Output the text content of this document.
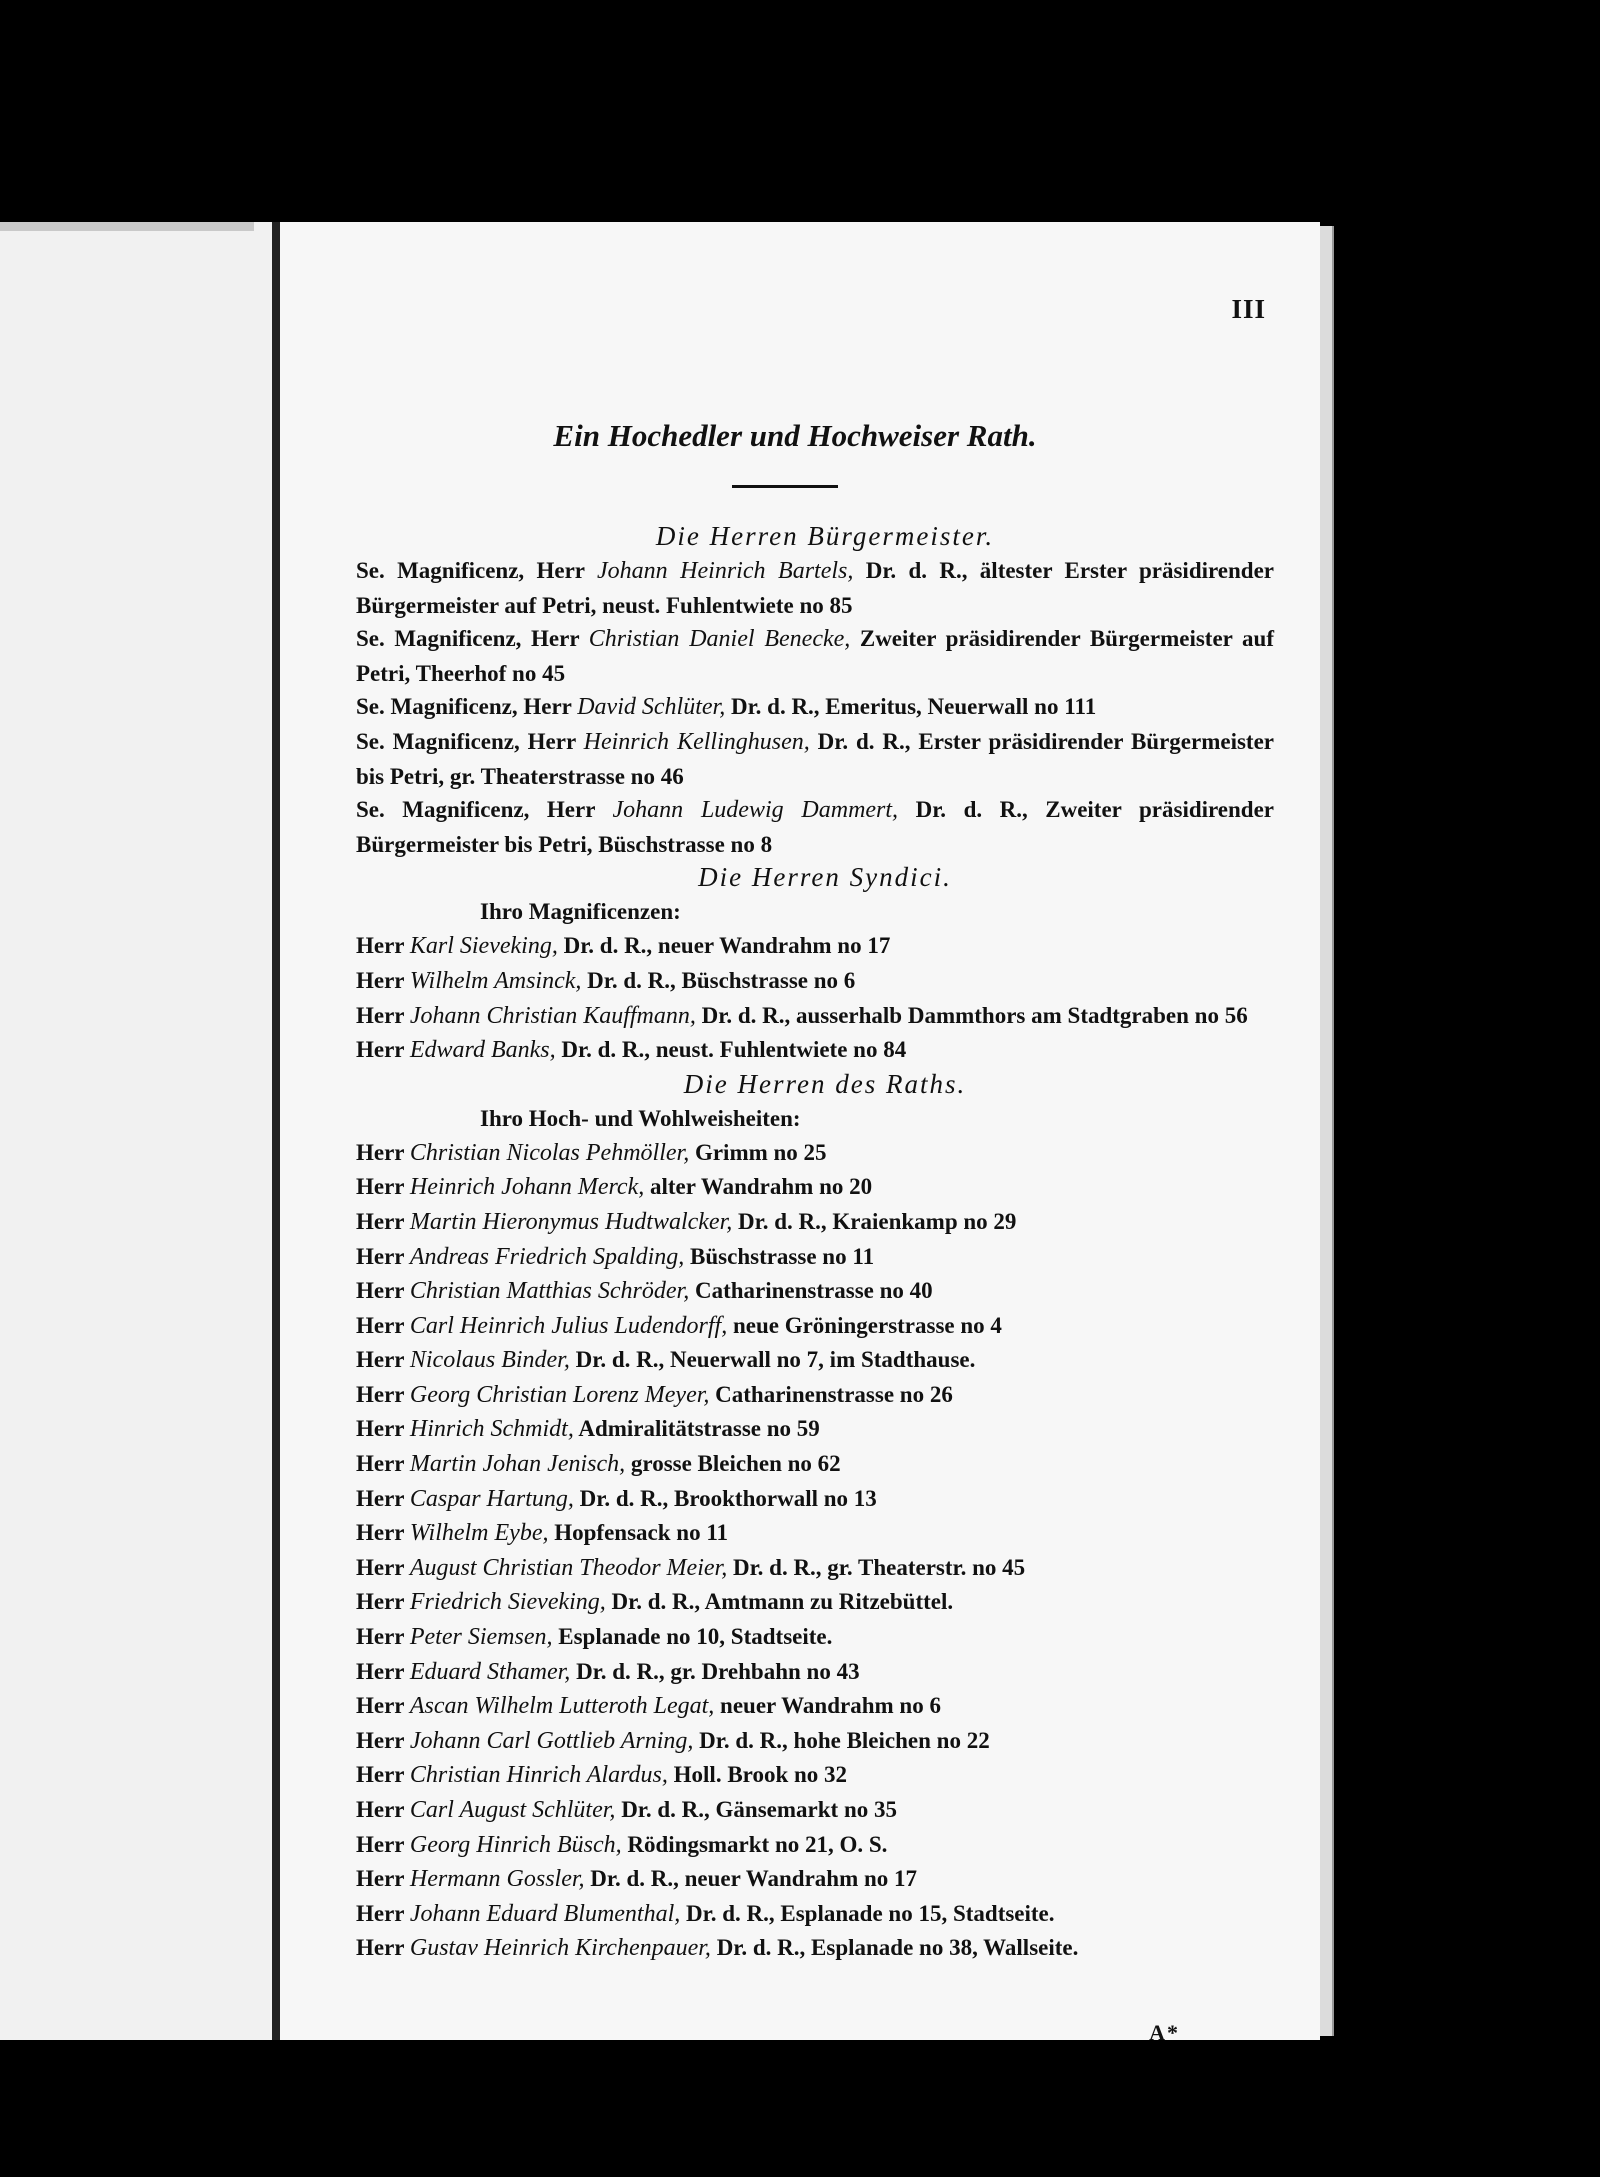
III
Ein Hochedler und Hochweiser Rath.
Die Herren Bürgermeister.
Se. Magnificenz, Herr Johann Heinrich Bartels, Dr. d. R., ältester Erster präsidirender Bürgermeister auf Petri, neust. Fuhlentwiete no 85
Se. Magnificenz, Herr Christian Daniel Benecke, Zweiter präsidirender Bürgermeister auf Petri, Theerhof no 45
Se. Magnificenz, Herr David Schlüter, Dr. d. R., Emeritus, Neuerwall no 111
Se. Magnificenz, Herr Heinrich Kellinghusen, Dr. d. R., Erster präsidirender Bürgermeister bis Petri, gr. Theaterstrasse no 46
Se. Magnificenz, Herr Johann Ludewig Dammert, Dr. d. R., Zweiter präsidirender Bürgermeister bis Petri, Büschstrasse no 8
Die Herren Syndici.
Ihro Magnificenzen:
Herr Karl Sieveking, Dr. d. R., neuer Wandrahm no 17
Herr Wilhelm Amsinck, Dr. d. R., Büschstrasse no 6
Herr Johann Christian Kauffmann, Dr. d. R., ausserhalb Dammthors am Stadtgraben no 56
Herr Edward Banks, Dr. d. R., neust. Fuhlentwiete no 84
Die Herren des Raths.
Ihro Hoch- und Wohlweisheiten:
Herr Christian Nicolas Pehmöller, Grimm no 25
Herr Heinrich Johann Merck, alter Wandrahm no 20
Herr Martin Hieronymus Hudtwalcker, Dr. d. R., Kraienkamp no 29
Herr Andreas Friedrich Spalding, Büschstrasse no 11
Herr Christian Matthias Schröder, Catharinenstrasse no 40
Herr Carl Heinrich Julius Ludendorff, neue Gröningerstrasse no 4
Herr Nicolaus Binder, Dr. d. R., Neuerwall no 7, im Stadthause.
Herr Georg Christian Lorenz Meyer, Catharinenstrasse no 26
Herr Hinrich Schmidt, Admiralitätstrasse no 59
Herr Martin Johan Jenisch, grosse Bleichen no 62
Herr Caspar Hartung, Dr. d. R., Brookthorwall no 13
Herr Wilhelm Eybe, Hopfensack no 11
Herr August Christian Theodor Meier, Dr. d. R., gr. Theaterstr. no 45
Herr Friedrich Sieveking, Dr. d. R., Amtmann zu Ritzebüttel.
Herr Peter Siemsen, Esplanade no 10, Stadtseite.
Herr Eduard Sthamer, Dr. d. R., gr. Drehbahn no 43
Herr Ascan Wilhelm Lutteroth Legat, neuer Wandrahm no 6
Herr Johann Carl Gottlieb Arning, Dr. d. R., hohe Bleichen no 22
Herr Christian Hinrich Alardus, Holl. Brook no 32
Herr Carl August Schlüter, Dr. d. R., Gänsemarkt no 35
Herr Georg Hinrich Büsch, Rödingsmarkt no 21, O. S.
Herr Hermann Gossler, Dr. d. R., neuer Wandrahm no 17
Herr Johann Eduard Blumenthal, Dr. d. R., Esplanade no 15, Stadtseite.
Herr Gustav Heinrich Kirchenpauer, Dr. d. R., Esplanade no 38, Wallseite.
A*
